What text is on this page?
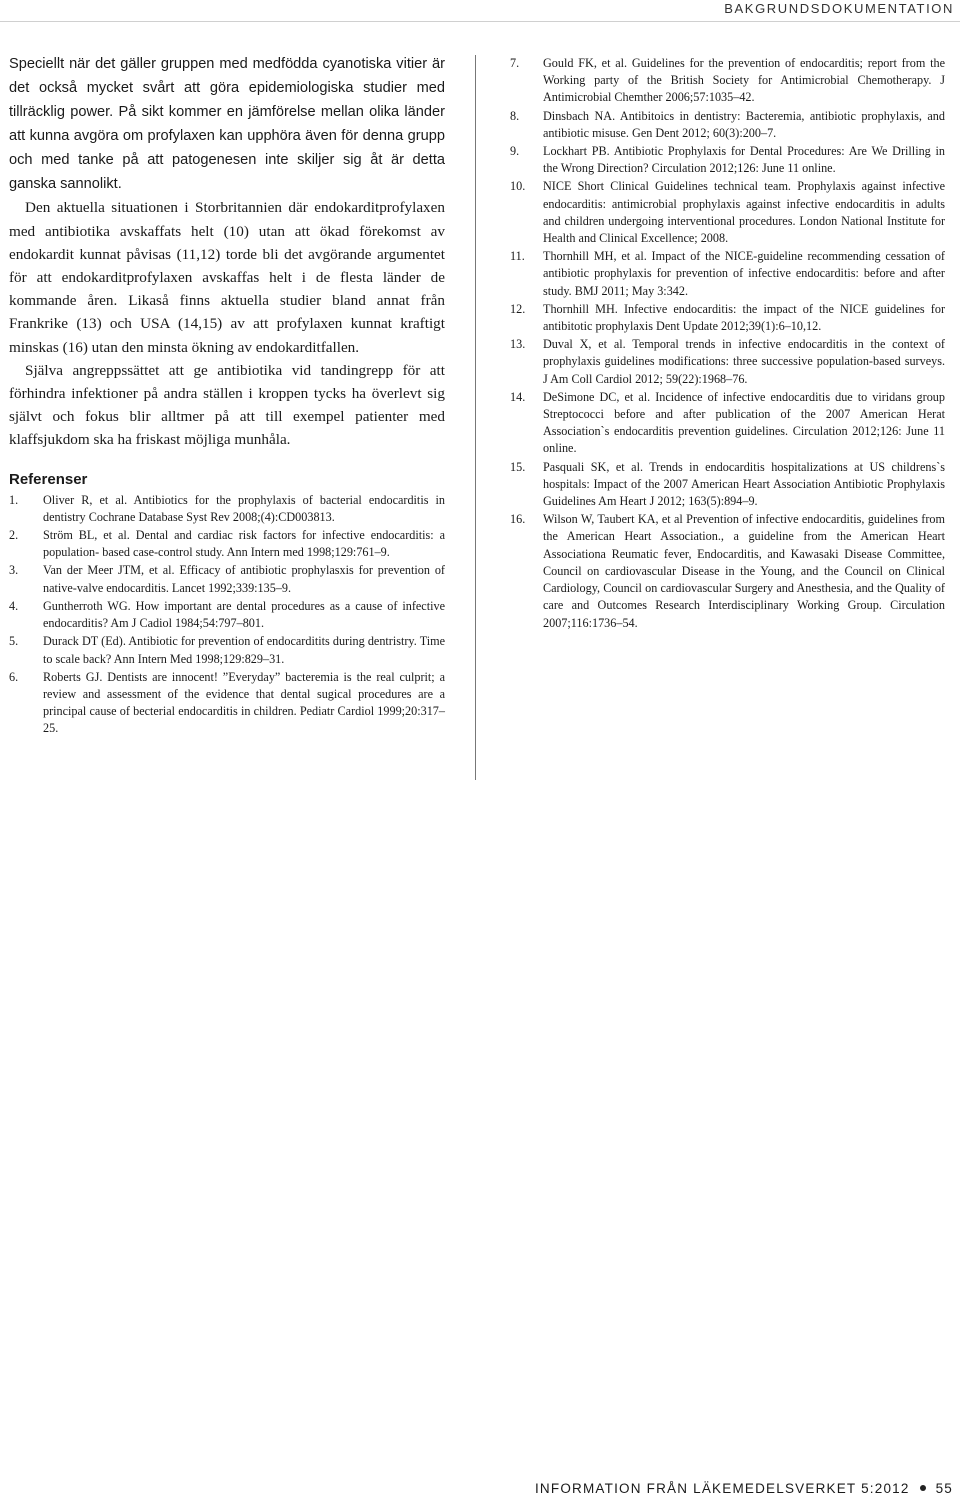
BAKGRUNDSDOKUMENTATION

Speciellt när det gäller gruppen med medfödda cyanotiska vitier är det också mycket svårt att göra epidemiologiska studier med tillräcklig power. På sikt kommer en jämförelse mellan olika länder att kunna avgöra om profylaxen kan upphöra även för denna grupp och med tanke på att patogenesen inte skiljer sig åt är detta ganska sannolikt.

Den aktuella situationen i Storbritannien där endokarditprofylaxen med antibiotika avskaffats helt (10) utan att ökad förekomst av endokardit kunnat påvisas (11,12) torde bli det avgörande argumentet för att endokarditprofylaxen avskaffas helt i de flesta länder de kommande åren. Likaså finns aktuella studier bland annat från Frankrike (13) och USA (14,15) av att profylaxen kunnat kraftigt minskas (16) utan den minsta ökning av endokarditfallen.

Själva angreppssättet att ge antibiotika vid tandingrepp för att förhindra infektioner på andra ställen i kroppen tycks ha överlevt sig självt och fokus blir alltmer på att till exempel patienter med klaffsjukdom ska ha friskast möjliga munhåla.

Referenser
1.	Oliver R, et al. Antibiotics for the prophylaxis of bacterial endocarditis in dentistry Cochrane Database Syst Rev 2008;(4):CD003813.
2.	Ström BL, et al. Dental and cardiac risk factors for infective endocarditis: a population- based case-control study. Ann Intern med 1998;129:761–9.
3.	Van der Meer JTM, et al. Efficacy of antibiotic prophylasxis for prevention of native-valve endocarditis. Lancet 1992;339:135–9.
4.	Guntherroth WG. How important are dental procedures as a cause of infective endocarditis? Am J Cadiol 1984;54:797–801.
5.	Durack DT (Ed). Antibiotic for prevention of endocarditits during dentristry. Time to scale back? Ann Intern Med 1998;129:829–31.
6.	Roberts GJ. Dentists are innocent! ”Everyday” bacteremia is the real culprit; a review and assessment of the evidence that dental sugical procedures are a principal cause of becterial endocarditis in children. Pediatr Cardiol 1999;20:317–25.
7.	Gould FK, et al. Guidelines for the prevention of endocarditis; report from the Working party of the British Society for Antimicrobial Chemotherapy. J Antimicrobial Chemther 2006;57:1035–42.
8.	Dinsbach NA. Antibitoics in dentistry: Bacteremia, antibiotic prophylaxis, and antibiotic misuse. Gen Dent 2012; 60(3):200–7.
9.	Lockhart PB. Antibiotic Prophylaxis for Dental Procedures: Are We Drilling in the Wrong Direction? Circulation 2012;126: June 11 online.
10.	NICE Short Clinical Guidelines technical team. Prophylaxis against infective endocarditis: antimicrobial prophylaxis against infective endocarditis in adults and children undergoing interventional procedures. London National Institute for Health and Clinical Excellence; 2008.
11.	Thornhill MH, et al. Impact of the NICE-guideline recommending cessation of antibiotic prophylaxis for prevention of infective endocarditis: before and after study. BMJ 2011; May 3:342.
12.	Thornhill MH. Infective endocarditis: the impact of the NICE guidelines for antibitotic prophylaxis Dent Update 2012;39(1):6–10,12.
13.	Duval X, et al. Temporal trends in infective endocarditis in the context of prophylaxis guidelines modifications: three successive population-based surveys. J Am Coll Cardiol 2012; 59(22):1968–76.
14.	DeSimone DC, et al. Incidence of infective endocarditis due to viridans group Streptococci before and after publication of the 2007 American Herat Association`s endocarditis prevention guidelines. Circulation 2012;126: June 11 online.
15.	Pasquali SK, et al. Trends in endocarditis hospitalizations at US childrens`s hospitals: Impact of the 2007 American Heart Association Antibiotic Prophylaxis Guidelines Am Heart J 2012; 163(5):894–9.
16.	Wilson W, Taubert KA, et al Prevention of infective endocarditis, guidelines from the American Heart Association., a guideline from the American Heart Associationa Reumatic fever, Endocarditis, and Kawasaki Disease Committee, Council on cardiovascular Disease in the Young, and the Council on Clinical Cardiology, Council on cardiovascular Surgery and Anesthesia, and the Quality of care and Outcomes Research Interdisciplinary Working Group. Circulation 2007;116:1736–54.
INFORMATION FRÅN LÄKEMEDELSVERKET 5:2012 55
